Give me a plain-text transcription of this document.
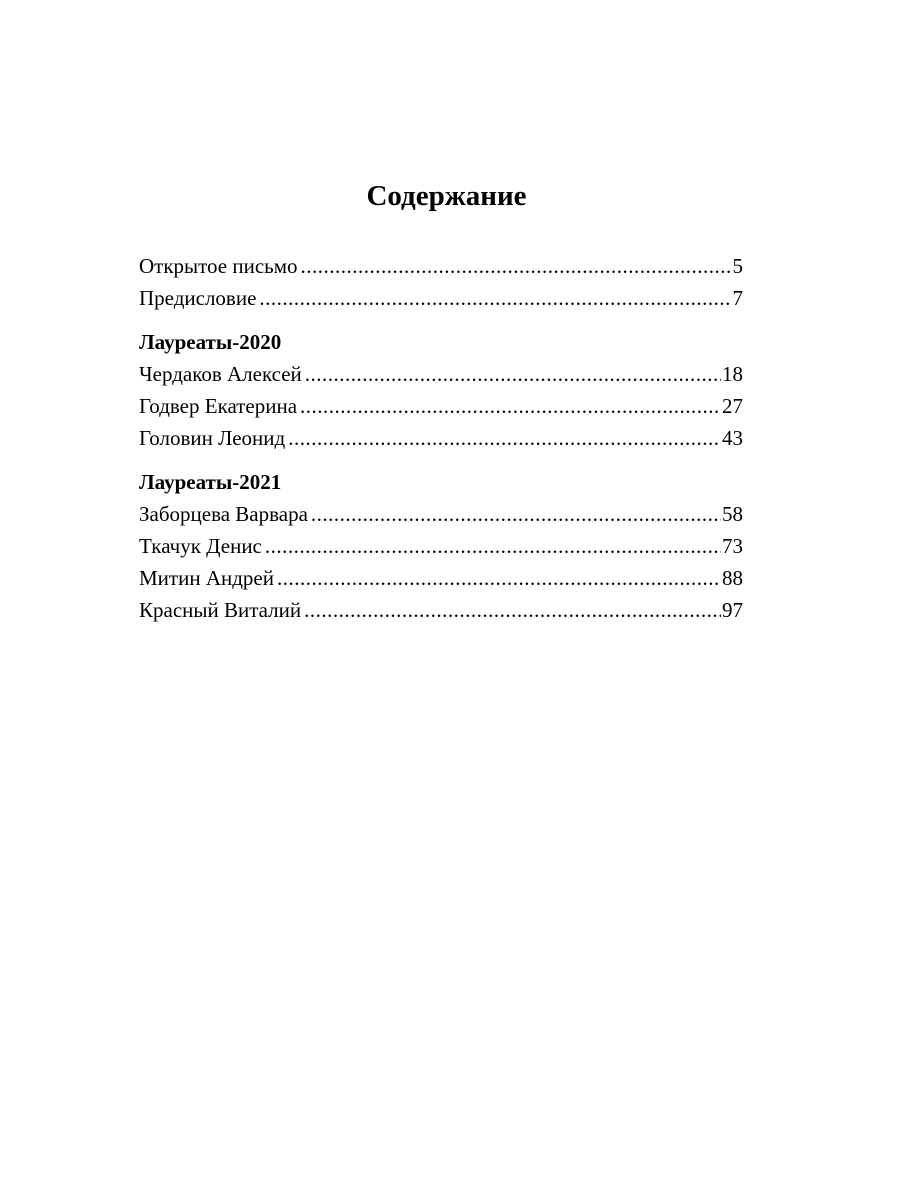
Содержание
Открытое письмо .....	5
Предисловие .....	7
Лауреаты-2020
Чердаков Алексей .....	18
Годвер Екатерина .....	27
Головин Леонид .....	43
Лауреаты-2021
Заборцева Варвара .....	58
Ткачук Денис .....	73
Митин Андрей .....	88
Красный Виталий .....	97
